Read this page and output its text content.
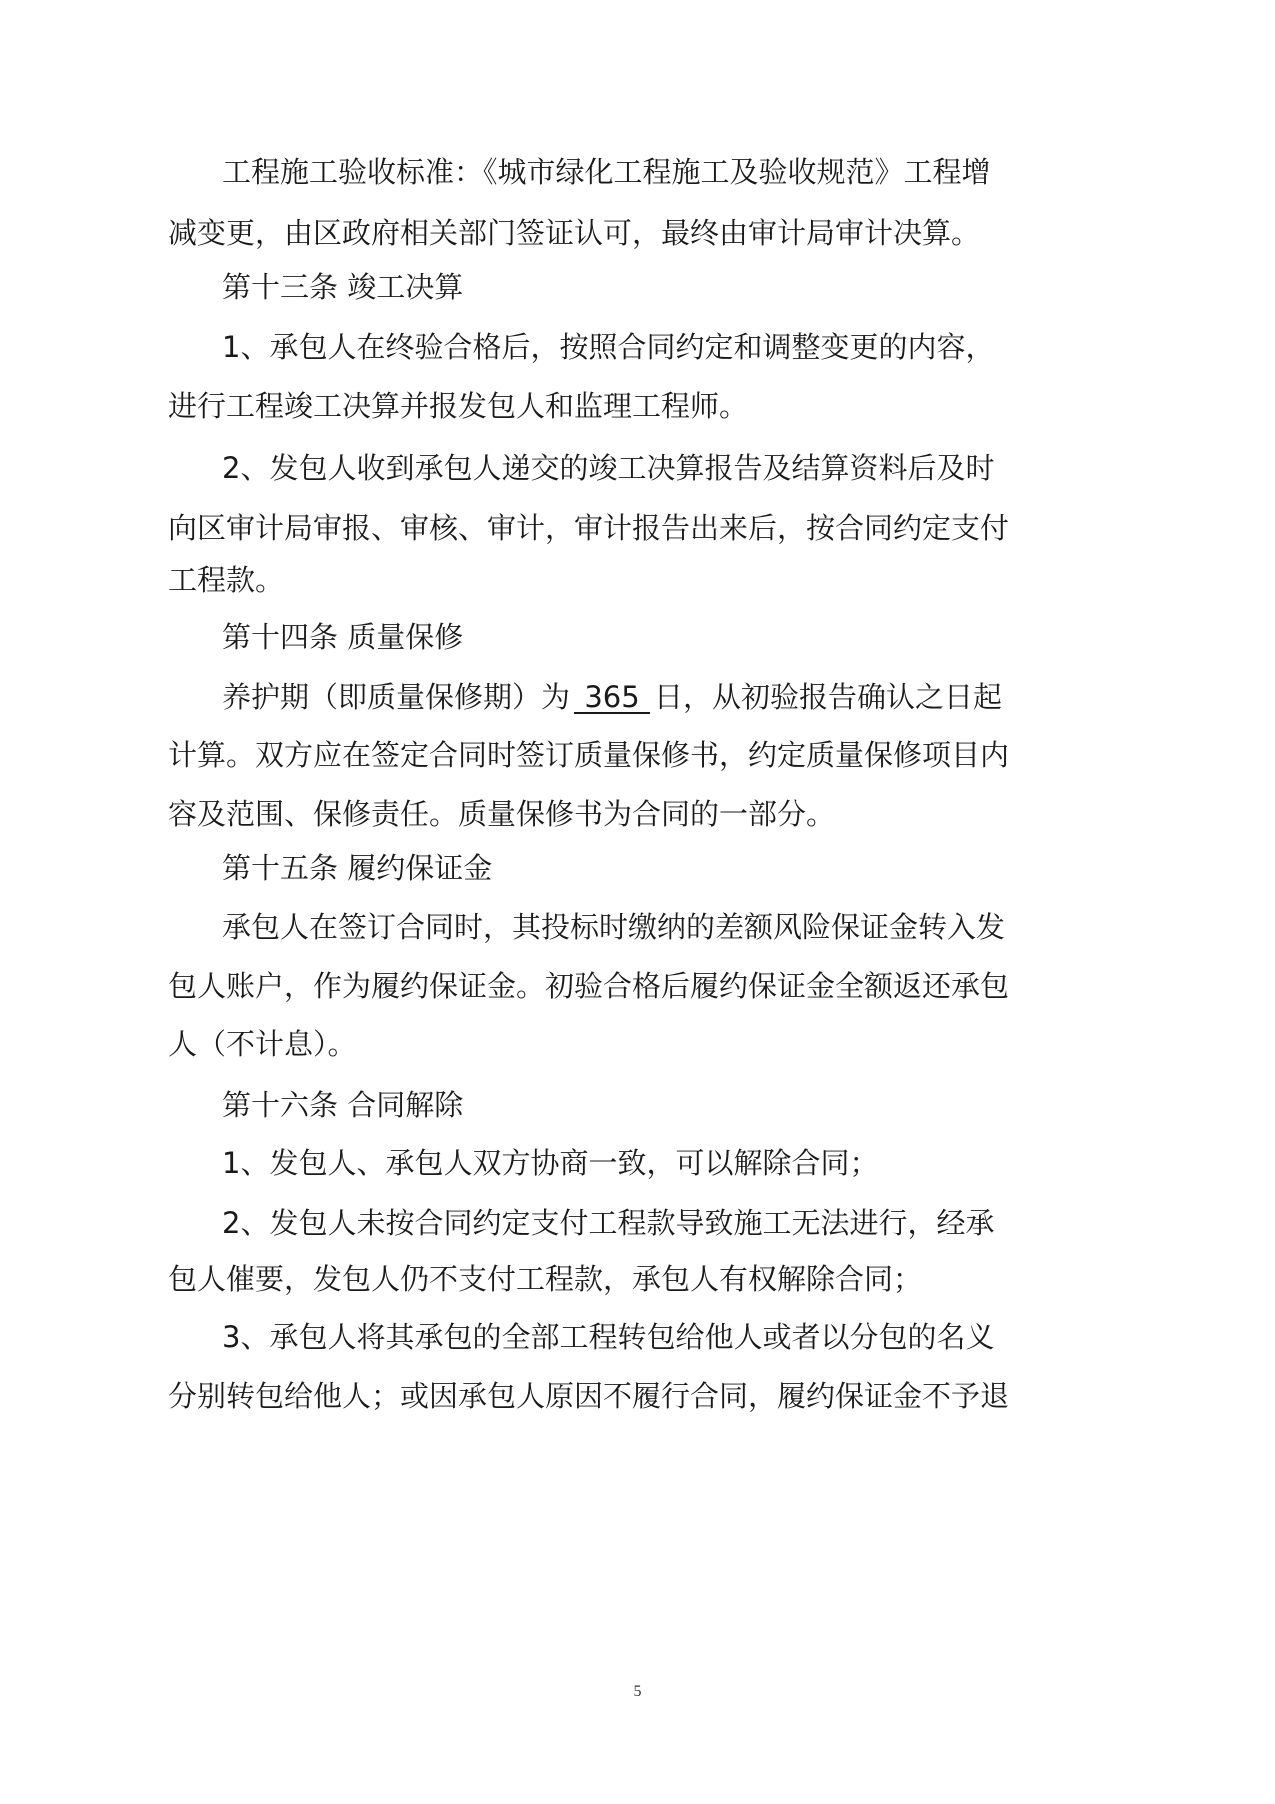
工程施工验收标准：《城市绿化工程施工及验收规范》工程增
减变更，由区政府相关部门签证认可，最终由审计局审计决算。
第十三条 竣工决算
1、承包人在终验合格后，按照合同约定和调整变更的内容，
进行工程竣工决算并报发包人和监理工程师。
2、发包人收到承包人递交的竣工决算报告及结算资料后及时
向区审计局审报、审核、审计，审计报告出来后，按合同约定支付
工程款。
第十四条 质量保修
养护期（即质量保修期）为 365 日，从初验报告确认之日起
计算。双方应在签定合同时签订质量保修书，约定质量保修项目内
容及范围、保修责任。质量保修书为合同的一部分。
第十五条 履约保证金
承包人在签订合同时，其投标时缴纳的差额风险保证金转入发
包人账户，作为履约保证金。初验合格后履约保证金全额返还承包
人（不计息）。
第十六条 合同解除
1、发包人、承包人双方协商一致，可以解除合同；
2、发包人未按合同约定支付工程款导致施工无法进行，经承
包人催要，发包人仍不支付工程款，承包人有权解除合同；
3、承包人将其承包的全部工程转包给他人或者以分包的名义
分别转包给他人；或因承包人原因不履行合同，履约保证金不予退
5
